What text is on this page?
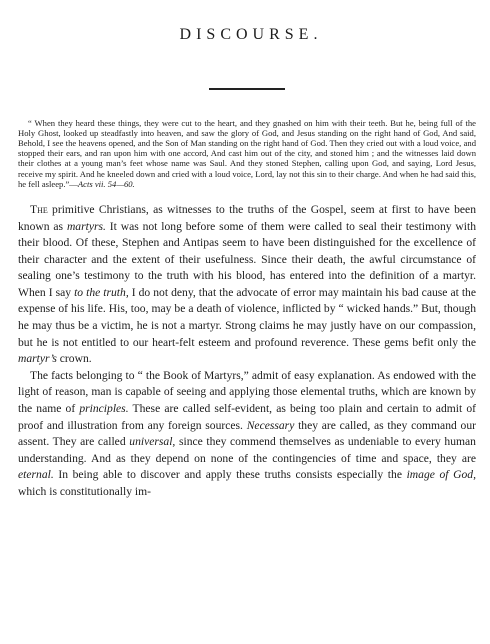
DISCOURSE.
“ When they heard these things, they were cut to the heart, and they gnashed on him with their teeth. But he, being full of the Holy Ghost, looked up steadfastly into heaven, and saw the glory of God, and Jesus standing on the right hand of God, And said, Behold, I see the heavens opened, and the Son of Man standing on the right hand of God. Then they cried out with a loud voice, and stopped their ears, and ran upon him with one accord, And cast him out of the city, and stoned him ; and the witnesses laid down their clothes at a young man’s feet whose name was Saul. And they stoned Stephen, calling upon God, and saying, Lord Jesus, receive my spirit. And he kneeled down and cried with a loud voice, Lord, lay not this sin to their charge. And when he had said this, he fell asleep.”—Acts vii. 54—60.

The primitive Christians, as witnesses to the truths of the Gospel, seem at first to have been known as martyrs. It was not long before some of them were called to seal their testimony with their blood. Of these, Stephen and Antipas seem to have been distinguished for the excellence of their character and the extent of their usefulness. Since their death, the awful circumstance of sealing one’s testimony to the truth with his blood, has entered into the definition of a martyr. When I say to the truth, I do not deny, that the advocate of error may maintain his bad cause at the expense of his life. His, too, may be a death of violence, inflicted by “ wicked hands.” But, though he may thus be a victim, he is not a martyr. Strong claims he may justly have on our compassion, but he is not entitled to our heart-felt esteem and profound reverence. These gems befit only the martyr’s crown.

The facts belonging to “ the Book of Martyrs,” admit of easy explanation. As endowed with the light of reason, man is capable of seeing and applying those elemental truths, which are known by the name of principles. These are called self-evident, as being too plain and certain to admit of proof and illustration from any foreign sources. Necessary they are called, as they command our assent. They are called universal, since they commend themselves as undeniable to every human understanding. And as they depend on none of the contingencies of time and space, they are eternal. In being able to discover and apply these truths consists especially the image of God, which is constitutionally im-
